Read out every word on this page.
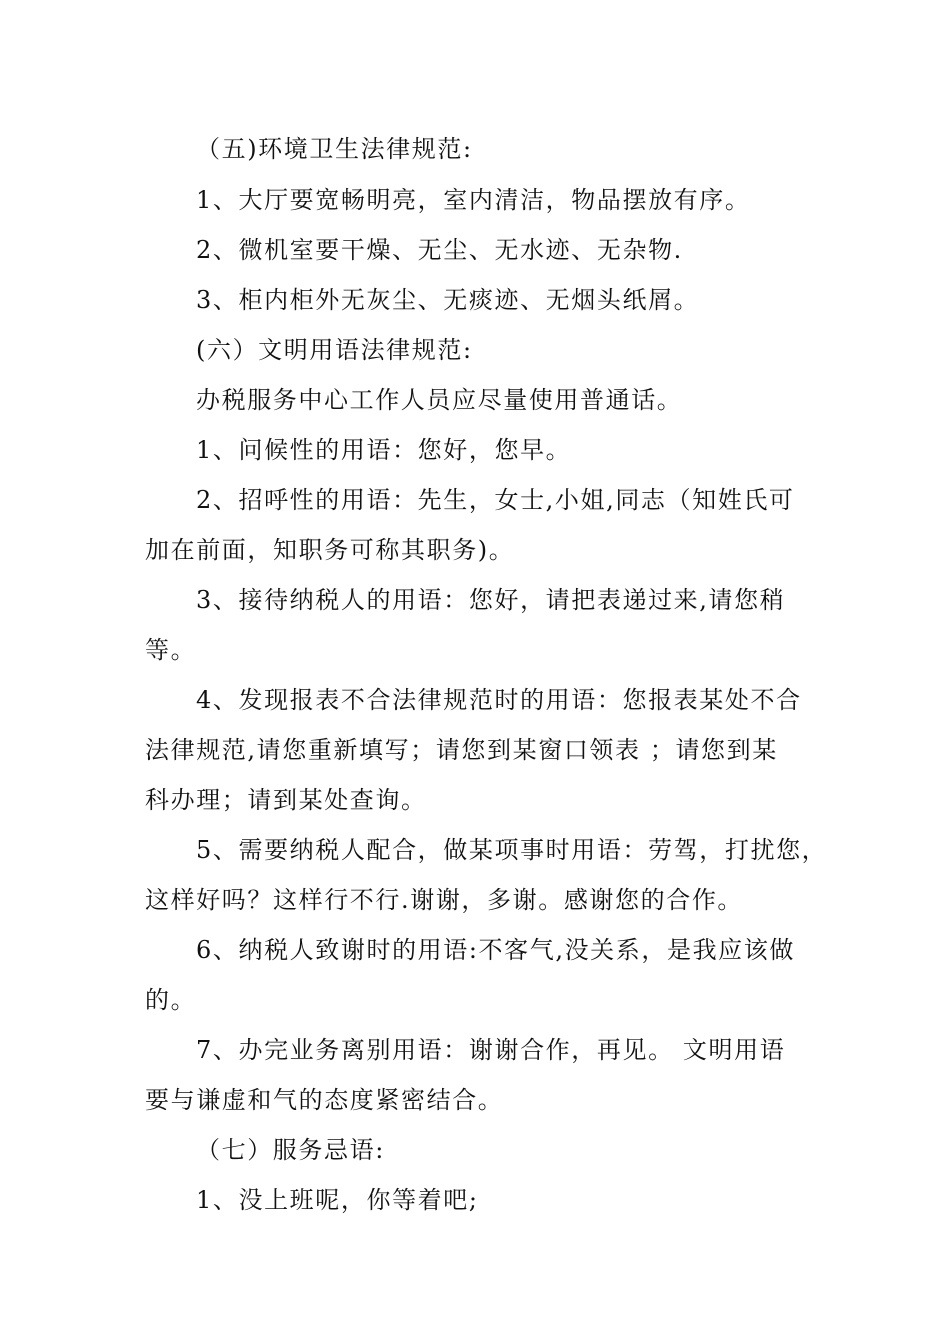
（五)环境卫生法律规范:
1、大厅要宽畅明亮，室内清洁，物品摆放有序。
2、微机室要干燥、无尘、无水迹、无杂物.
3、柜内柜外无灰尘、无痰迹、无烟头纸屑。
(六）文明用语法律规范:
办税服务中心工作人员应尽量使用普通话。
1、问候性的用语：您好，您早。
2、招呼性的用语：先生，女士,小姐,同志（知姓氏可
加在前面，知职务可称其职务)。
3、接待纳税人的用语：您好，请把表递过来,请您稍
等。
4、发现报表不合法律规范时的用语：您报表某处不合
法律规范,请您重新填写；请您到某窗口领表 ；请您到某
科办理；请到某处查询。
5、需要纳税人配合，做某项事时用语：劳驾，打扰您，
这样好吗？这样行不行.谢谢，多谢。感谢您的合作。
6、纳税人致谢时的用语:不客气,没关系，是我应该做
的。
7、办完业务离别用语：谢谢合作，再见。 文明用语
要与谦虚和气的态度紧密结合。
（七）服务忌语:
1、没上班呢，你等着吧;
